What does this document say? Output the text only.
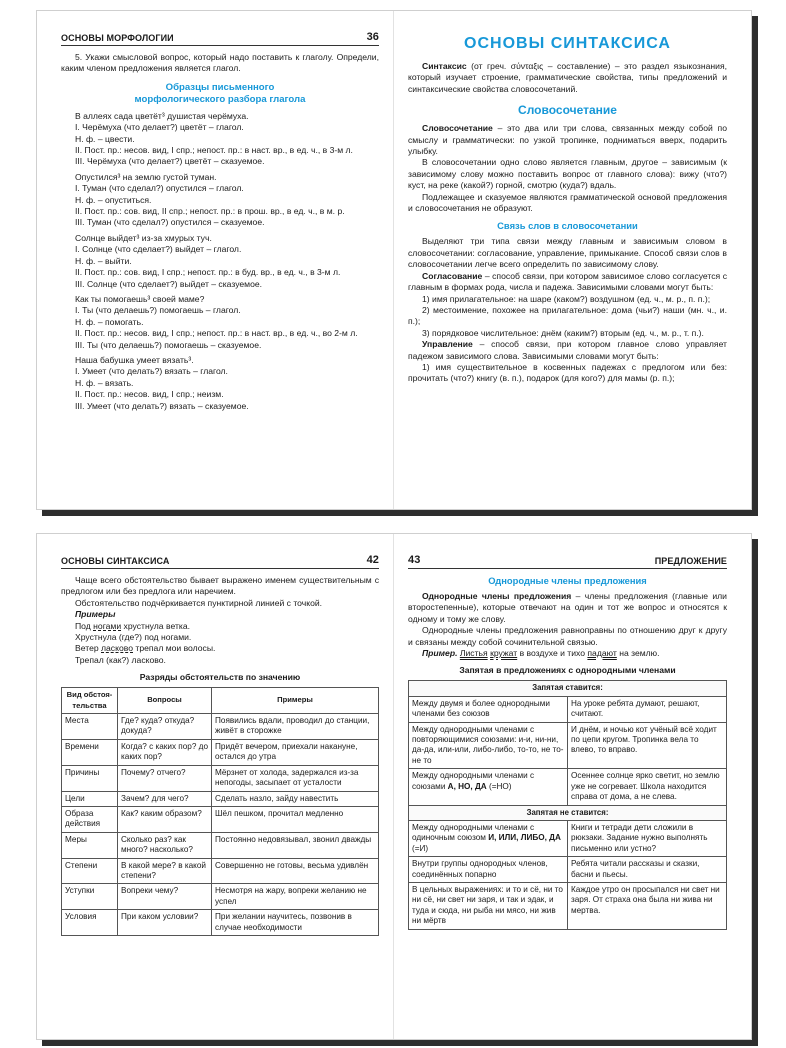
ОСНОВЫ МОРФОЛОГИИ	36

5. Укажи смысловой вопрос, который надо поставить к глаголу. Определи, каким членом предложения является глагол.

Образцы письменного
морфологического разбора глагола

В аллеях сада цветёт³ душистая черёмуха.

I. Черёмуха (что делает?) цветёт – глагол.

Н. ф. – цвести.

II. Пост. пр.: несов. вид, I спр.; непост. пр.: в наст. вр., в ед. ч., в 3-м л.

III. Черёмуха (что делает?) цветёт – сказуемое.

Опустился³ на землю густой туман.

I. Туман (что сделал?) опустился – глагол.

Н. ф. – опуститься.

II. Пост. пр.: сов. вид, II спр.; непост. пр.: в прош. вр., в ед. ч., в м. р.

III. Туман (что сделал?) опустился – сказуемое.

Солнце выйдет³ из-за хмурых туч.

I. Солнце (что сделает?) выйдет – глагол.

Н. ф. – выйти.

II. Пост. пр.: сов. вид, I спр.; непост. пр.: в буд. вр., в ед. ч., в 3-м л.

III. Солнце (что сделает?) выйдет – сказуемое.

Как ты помогаешь³ своей маме?

I. Ты (что делаешь?) помогаешь – глагол.

Н. ф. – помогать.

II. Пост. пр.: несов. вид, I спр.; непост. пр.: в наст. вр., в ед. ч., во 2-м л.

III. Ты (что делаешь?) помогаешь – сказуемое.

Наша бабушка умеет вязать³.

I. Умеет (что делать?) вязать – глагол.

Н. ф. – вязать.

II. Пост. пр.: несов. вид, I спр.; неизм.

III. Умеет (что делать?) вязать – сказуемое.

ОСНОВЫ СИНТАКСИСА

Синтаксис (от греч. σύνταξις – составление) – это раздел языкознания, который изучает строение, грамматические свойства, типы предложений и синтаксические свойства словосочетаний.

Словосочетание

Словосочетание – это два или три слова, связанных между собой по смыслу и грамматически: по узкой тропинке, подниматься вверх, подарить улыбку.

В словосочетании одно слово является главным, другое – зависимым (к зависимому слову можно поставить вопрос от главного слова): вижу (что?) куст, на реке (какой?) горной, смотрю (куда?) вдаль.

Подлежащее и сказуемое являются грамматической основой предложения и словосочетания не образуют.

Связь слов в словосочетании

Выделяют три типа связи между главным и зависимым словом в словосочетании: согласование, управление, примыкание. Способ связи слов в словосочетании легче всего определить по зависимому слову.

Согласование – способ связи, при котором зависимое слово согласуется с главным в формах рода, числа и падежа. Зависимыми словами могут быть:

1) имя прилагательное: на шаре (каком?) воздушном (ед. ч., м. р., п. п.);

2) местоимение, похожее на прилагательное: дома (чьи?) наши (мн. ч., и. п.);

3) порядковое числительное: днём (каким?) вторым (ед. ч., м. р., т. п.).

Управление – способ связи, при котором главное слово управляет падежом зависимого слова. Зависимыми словами могут быть:

1) имя существительное в косвенных падежах с предлогом или без: прочитать (что?) книгу (в. п.), подарок (для кого?) для мамы (р. п.);

ОСНОВЫ СИНТАКСИСА	42

Чаще всего обстоятельство бывает выражено именем существительным с предлогом или без предлога или наречием.

Обстоятельство подчёркивается пунктирной линией с точкой.

Примеры

Под ногами хрустнула ветка.

Хрустнула (где?) под ногами.

Ветер ласково трепал мои волосы.

Трепал (как?) ласково.

Разряды обстоятельств по значению
Вид обстоя-тельства	Вопросы	Примеры
Места	Где? куда? откуда? докуда?	Появились вдали, проводил до станции, живёт в сторожке
Времени	Когда? с каких пор? до каких пор?	Придёт вечером, приехали накануне, остался до утра
Причины	Почему? отчего?	Мёрзнет от холода, задержался из-за непогоды, засыпает от усталости
Цели	Зачем? для чего?	Сделать назло, зайду навестить
Образа действия	Как? каким образом?	Шёл пешком, прочитал медленно
Меры	Сколько раз? как много? насколько?	Постоянно недовязывал, звонил дважды
Степени	В какой мере? в какой степени?	Совершенно не готовы, весьма удивлён
Уступки	Вопреки чему?	Несмотря на жару, вопреки желанию не успел
Условия	При каком условии?	При желании научитесь, позвонив в случае необходимости
43	ПРЕДЛОЖЕНИЕ
Однородные члены предложения

Однородные члены предложения – члены предложения (главные или второстепенные), которые отвечают на один и тот же вопрос и относятся к одному и тому же слову.

Однородные члены предложения равноправны по отношению друг к другу и связаны между собой сочинительной связью.

Пример. Листья кружат в воздухе и тихо падают на землю.

Запятая в предложениях с однородными членами
Запятая ставится:	
Между двумя и более однородными членами без союзов	На уроке ребята думают, решают, считают.
Между однородными членами с повторяющимися союзами: и-и, ни-ни, да-да, или-или, либо-либо, то-то, не то-не то	И днём, и ночью кот учёный всё ходит по цепи кругом. Тропинка вела то влево, то вправо.
Между однородными членами с союзами А, НО, ДА (=НО)	Осеннее солнце ярко светит, но землю уже не согревает. Школа находится справа от дома, а не слева.
Запятая не ставится:	
Между однородными членами с одиночным союзом И, ИЛИ, ЛИБО, ДА (=И)	Книги и тетради дети сложили в рюкзаки. Задание нужно выполнять письменно или устно?
Внутри группы однородных членов, соединённых попарно	Ребята читали рассказы и сказки, басни и пьесы.
В цельных выражениях: и то и сё, ни то ни сё, ни свет ни заря, и так и эдак, и туда и сюда, ни рыба ни мясо, ни жив ни мёртв	Каждое утро он просыпался ни свет ни заря. От страха она была ни жива ни мертва.
